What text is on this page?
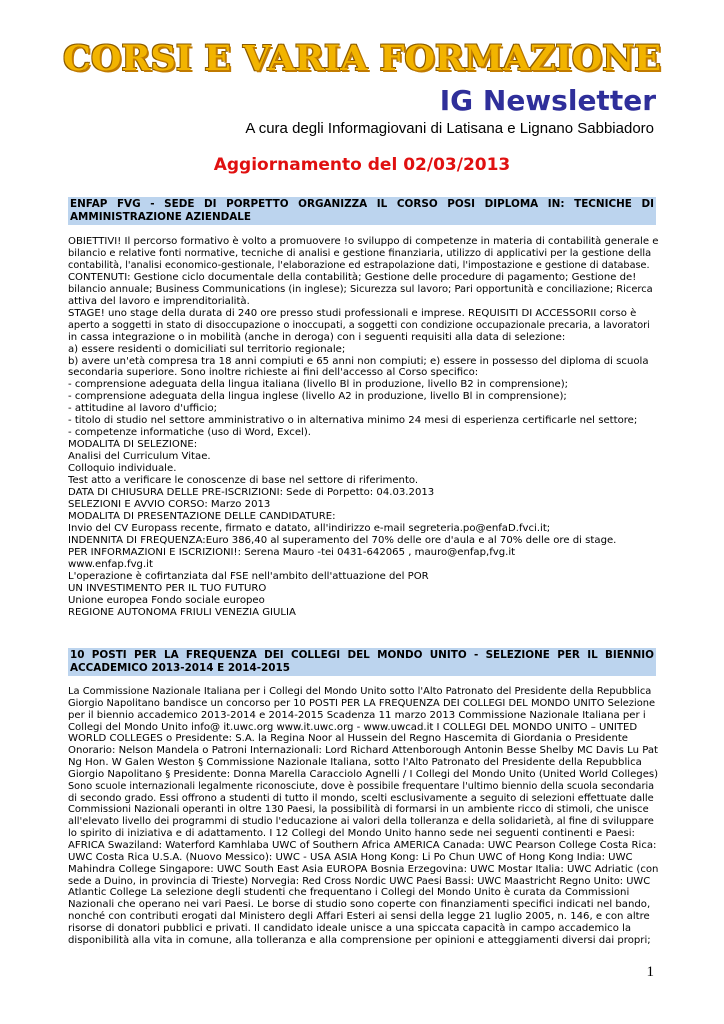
CORSI E VARIA FORMAZIONE
IG Newsletter
A cura degli Informagiovani di Latisana e Lignano Sabbiadoro
Aggiornamento del 02/03/2013
ENFAP FVG - SEDE DI PORPETTO ORGANIZZA IL CORSO POSI DIPLOMA IN: TECNICHE DI AMMINISTRAZIONE AZIENDALE
OBIETTIVI! Il percorso formativo è volto a promuovere !o sviluppo di competenze in materia di contabilità generale e
bilancio e relative fonti normative, tecniche di analisi e gestione finanziaria, utilizzo di applicativi per la gestione della
contabilità, l'analisi economico-gestionale, l'elaborazione ed estrapolazione dati, l'impostazione e gestione di database.
CONTENUTI: Gestione ciclo documentale della contabilità; Gestione delle procedure di pagamento; Gestione de!
bilancio annuale; Business Communications (in inglese); Sicurezza sul lavoro; Pari opportunità e conciliazione; Ricerca
attiva del lavoro e imprenditorialità.
STAGE! uno stage della durata di 240 ore presso studi professionali e imprese. REQUISITI DI ACCESSORII corso è
aperto a soggetti in stato di disoccupazione o inoccupati, a soggetti con condizione occupazionale precaria, a lavoratori
in cassa integrazione o in mobilità (anche in deroga) con i seguenti requisiti alla data di selezione:
a) essere residenti o domiciliati sul territorio regionale;
b) avere un'età compresa tra 18 anni compiuti e 65 anni non compiuti; e) essere in possesso del diploma di scuola
secondaria superiore. Sono inoltre richieste ai fini dell'accesso al Corso specifico:
- comprensione adeguata della lingua italiana (livello Bl in produzione, livello B2 in comprensione);
- comprensione adeguata della lingua inglese (livello A2 in produzione, livello Bl in comprensione);
- attitudine al lavoro d'ufficio;
- titolo di studio nel settore amministrativo o in alternativa minimo 24 mesi di esperienza certificarle nel settore;
- competenze informatiche (uso di Word, Excel).
MODALITÀ DI SELEZIONE:
Analisi del Curriculum Vitae.
Colloquio individuale.
Test atto a verificare le conoscenze di base nel settore di riferimento.
DATA DI CHIUSURA DELLE PRE-ISCRIZIONI: Sede di Porpetto: 04.03.2013
SELEZIONI E AVVIO CORSO: Marzo 2013
MODALITÀ DI PRESENTAZIONE DELLE CANDIDATURE:
Invio del CV Europass recente, firmato e datato, all'indirizzo e-mail segreteria.po@enfaD.fvci.it;
INDENNITÀ DI FREQUENZA:Euro 386,40 al superamento del 70% delle ore d'aula e al 70% delle ore di stage.
PER INFORMAZIONI E ISCRIZIONI!: Serena Mauro -tei 0431-642065 , mauro@enfap,fvg.it
www.enfap.fvg.it
L'operazione è cofirtanziata dal FSE nell'ambito dell'attuazione del POR
UN INVESTIMENTO PER IL TUO FUTURO
Unione europea Fondo sociale europeo
REGIONE AUTONOMA FRIULI VENEZIA GIULIA
10 POSTI PER LA FREQUENZA DEI COLLEGI DEL MONDO UNITO - SELEZIONE PER IL BIENNIO ACCADEMICO 2013-2014 E 2014-2015
La Commissione Nazionale Italiana per i Collegi del Mondo Unito sotto l'Alto Patronato del Presidente della Repubblica
Giorgio Napolitano bandisce un concorso per 10 POSTI PER LA FREQUENZA DEI COLLEGI DEL MONDO UNITO Selezione
per il biennio accademico 2013-2014 e 2014-2015 Scadenza 11 marzo 2013 Commissione Nazionale Italiana per i
Collegi del Mondo Unito info@ it.uwc.org www.it.uwc.org - www.uwcad.it I COLLEGI DEL MONDO UNITO – UNITED
WORLD COLLEGES o Presidente: S.A. la Regina Noor al Hussein del Regno Hascemita di Giordania o Presidente
Onorario: Nelson Mandela o Patroni Internazionali: Lord Richard Attenborough Antonin Besse Shelby MC Davis Lu Pat
Ng Hon. W Galen Weston § Commissione Nazionale Italiana, sotto l'Alto Patronato del Presidente della Repubblica
Giorgio Napolitano § Presidente: Donna Marella Caracciolo Agnelli / I Collegi del Mondo Unito (United World Colleges)
Sono scuole internazionali legalmente riconosciute, dove è possibile frequentare l'ultimo biennio della scuola secondaria
di secondo grado. Essi offrono a studenti di tutto il mondo, scelti esclusivamente a seguito di selezioni effettuate dalle
Commissioni Nazionali operanti in oltre 130 Paesi, la possibilità di formarsi in un ambiente ricco di stimoli, che unisce
all'elevato livello dei programmi di studio l'educazione ai valori della tolleranza e della solidarietà, al fine di sviluppare
lo spirito di iniziativa e di adattamento. I 12 Collegi del Mondo Unito hanno sede nei seguenti continenti e Paesi:
AFRICA Swaziland: Waterford Kamhlaba UWC of Southern Africa AMERICA Canada: UWC Pearson College Costa Rica:
UWC Costa Rica U.S.A. (Nuovo Messico): UWC - USA ASIA Hong Kong: Li Po Chun UWC of Hong Kong India: UWC
Mahindra College Singapore: UWC South East Asia EUROPA Bosnia Erzegovina: UWC Mostar Italia: UWC Adriatic (con
sede a Duino, in provincia di Trieste) Norvegia: Red Cross Nordic UWC Paesi Bassi: UWC Maastricht Regno Unito: UWC
Atlantic College La selezione degli studenti che frequentano i Collegi del Mondo Unito è curata da Commissioni
Nazionali che operano nei vari Paesi. Le borse di studio sono coperte con finanziamenti specifici indicati nel bando,
nonché con contributi erogati dal Ministero degli Affari Esteri ai sensi della legge 21 luglio 2005, n. 146, e con altre
risorse di donatori pubblici e privati. Il candidato ideale unisce a una spiccata capacità in campo accademico la
disponibilità alla vita in comune, alla tolleranza e alla comprensione per opinioni e atteggiamenti diversi dai propri;
1
